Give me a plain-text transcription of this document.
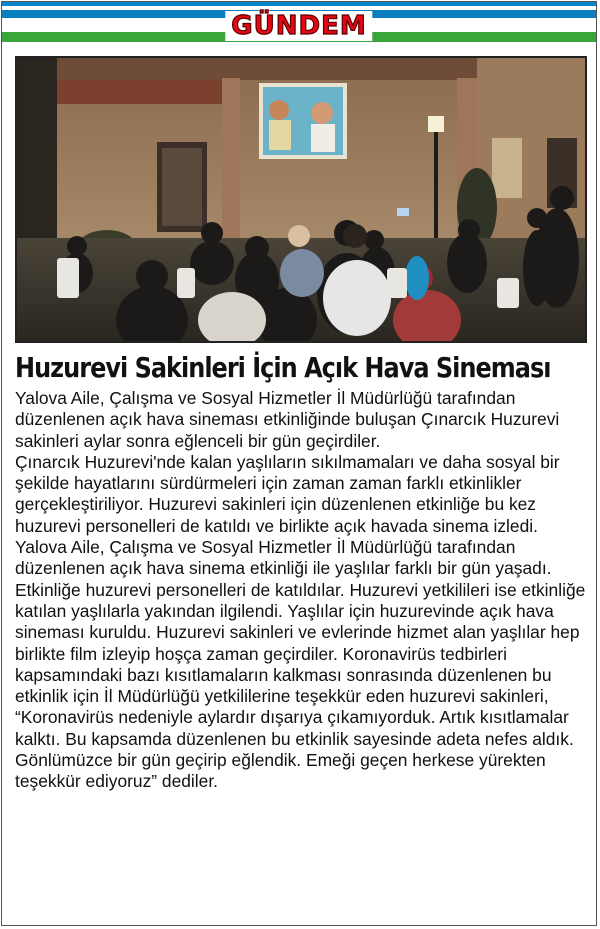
GÜNDEM
Huzurevi Sakinleri İçin Açık Hava Sineması

Yalova Aile, Çalışma ve Sosyal Hizmetler İl Müdürlüğü tarafından düzenlenen açık hava sineması etkinliğinde buluşan Çınarcık Huzurevi sakinleri aylar sonra eğlenceli bir gün geçirdiler.

Çınarcık Huzurevi'nde kalan yaşlıların sıkılmamaları ve daha sosyal bir şekilde hayatlarını sürdürmeleri için zaman zaman farklı etkinlikler gerçekleştiriliyor. Huzurevi sakinleri için düzenlenen etkinliğe bu kez huzurevi personelleri de katıldı ve birlikte açık havada sinema izledi. Yalova Aile, Çalışma ve Sosyal Hizmetler İl Müdürlüğü tarafından düzenlenen açık hava sinema etkinliği ile yaşlılar farklı bir gün yaşadı. Etkinliğe huzurevi personelleri de katıldılar. Huzurevi yetkilileri ise etkinliğe katılan yaşlılarla yakından ilgilendi. Yaşlılar için huzurevinde açık hava sineması kuruldu. Huzurevi sakinleri ve evlerinde hizmet alan yaşlılar hep birlikte film izleyip hoşça zaman geçirdiler. Koronavirüs tedbirleri kapsamındaki bazı kısıtlamaların kalkması sonrasında düzenlenen bu etkinlik için İl Müdürlüğü yetkililerine teşekkür eden huzurevi sakinleri, “Koronavirüs nedeniyle aylardır dışarıya çıkamıyorduk. Artık kısıtlamalar kalktı. Bu kapsamda düzenlenen bu etkinlik sayesinde adeta nefes aldık. Gönlümüzce bir gün geçirip eğlendik. Emeği geçen herkese yürekten teşekkür ediyoruz” dediler.
